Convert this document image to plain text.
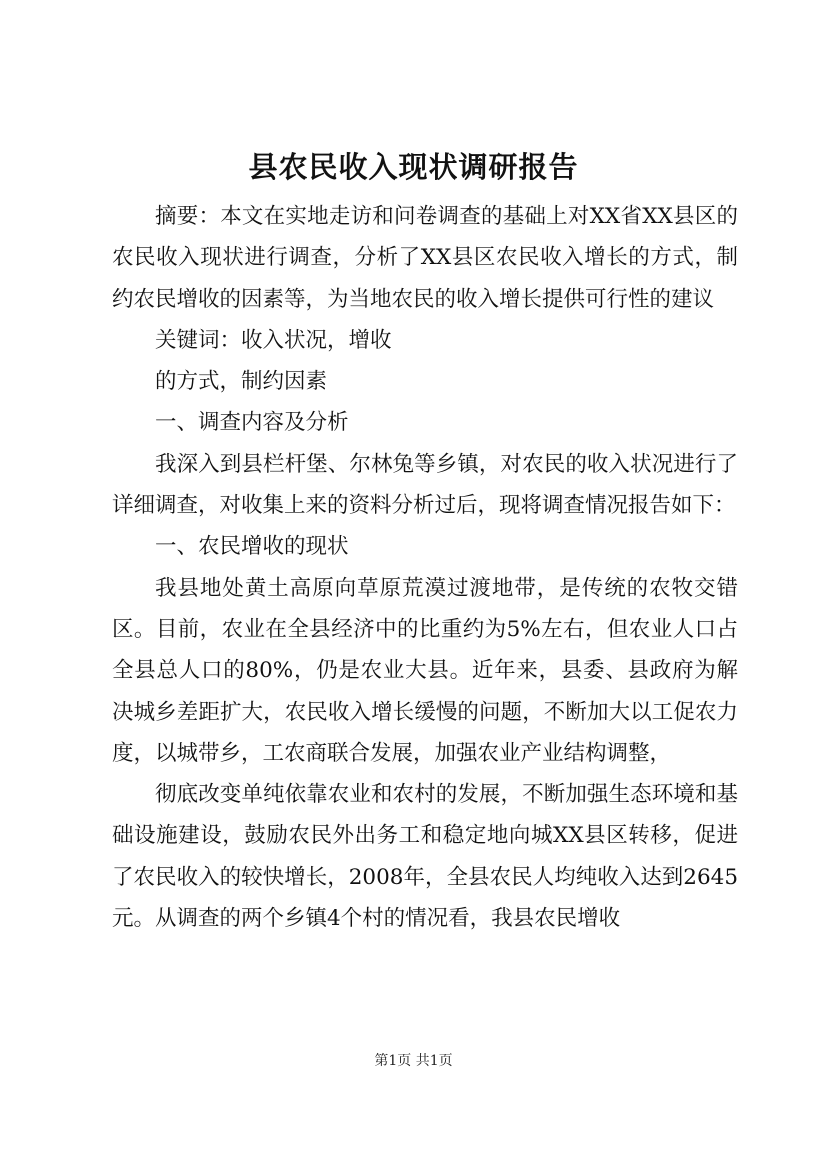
县农民收入现状调研报告

摘要：本文在实地走访和问卷调查的基础上对XX省XX县区的农民收入现状进行调查，分析了XX县区农民收入增长的方式，制约农民增收的因素等，为当地农民的收入增长提供可行性的建议

关键词：收入状况，增收

的方式，制约因素

一、调查内容及分析

我深入到县栏杆堡、尔林兔等乡镇，对农民的收入状况进行了详细调查，对收集上来的资料分析过后，现将调查情况报告如下：

一、农民增收的现状

我县地处黄土高原向草原荒漠过渡地带，是传统的农牧交错区。目前，农业在全县经济中的比重约为5%左右，但农业人口占全县总人口的80%，仍是农业大县。近年来，县委、县政府为解决城乡差距扩大，农民收入增长缓慢的问题，不断加大以工促农力度，以城带乡，工农商联合发展，加强农业产业结构调整，

彻底改变单纯依靠农业和农村的发展，不断加强生态环境和基础设施建设，鼓励农民外出务工和稳定地向城XX县区转移，促进了农民收入的较快增长，2008年，全县农民人均纯收入达到2645元。从调查的两个乡镇4个村的情况看，我县农民增收

第1页 共1页
